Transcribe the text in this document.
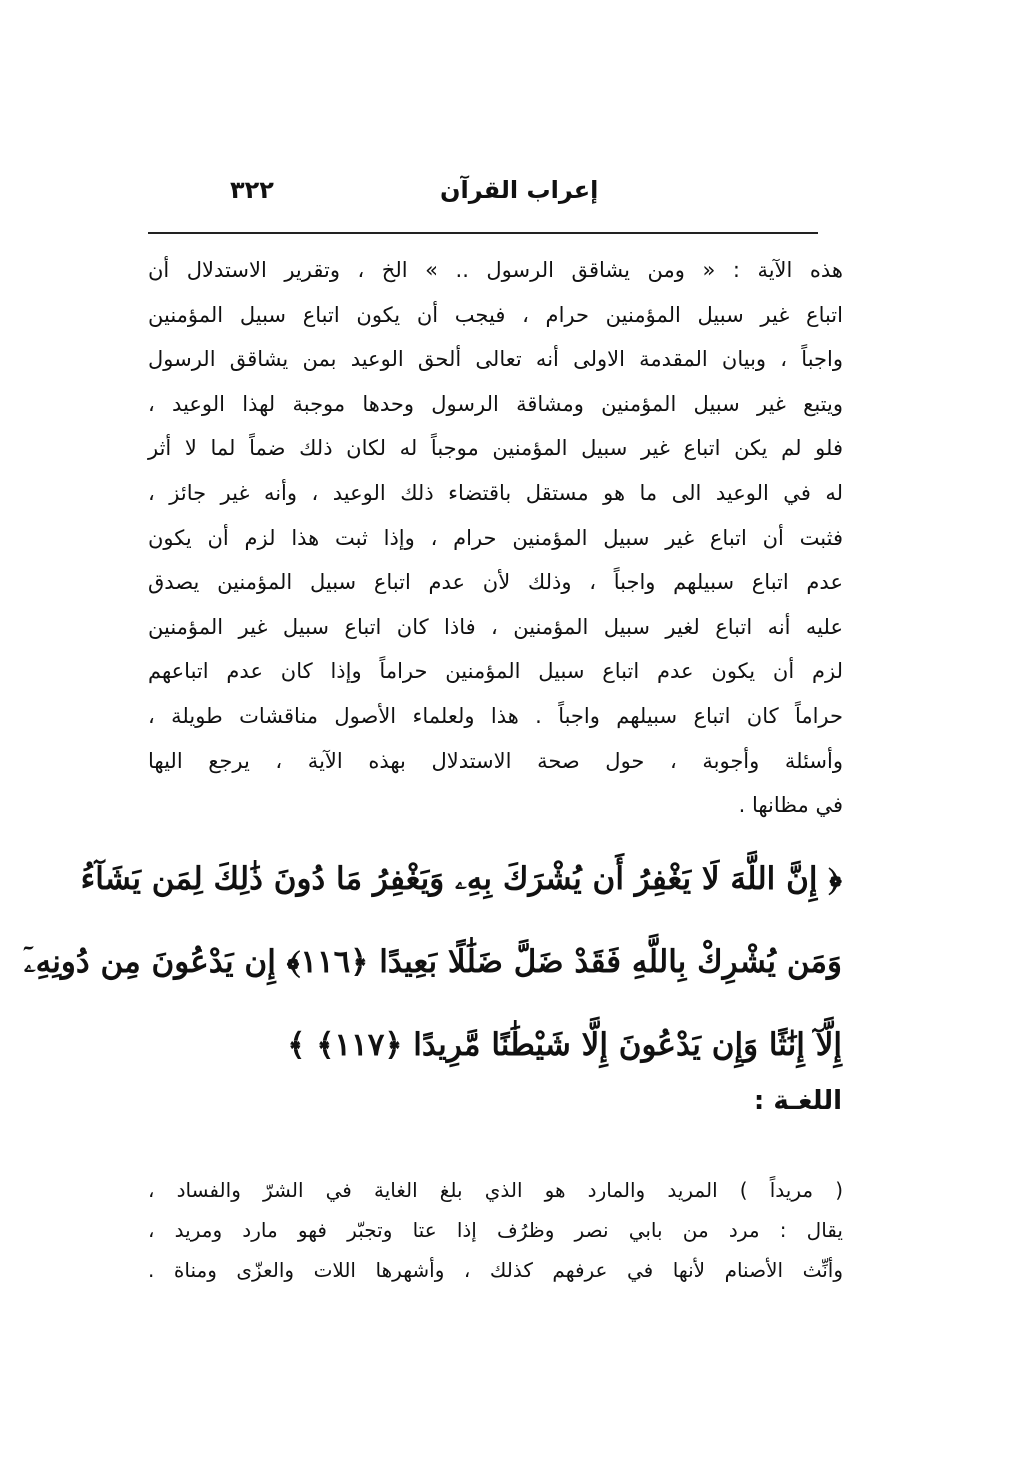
٣٢٢	إعراب القرآن
هذه الآية : « ومن يشاقق الرسول .. » الخ ، وتقرير الاستدلال أن
اتباع غير سبيل المؤمنين حرام ، فيجب أن يكون اتباع سبيل المؤمنين
واجباً ، وبيان المقدمة الاولى أنه تعالى ألحق الوعيد بمن يشاقق الرسول
ويتبع غير سبيل المؤمنين ومشاقة الرسول وحدها موجبة لهذا الوعيد ،
فلو لم يكن اتباع غير سبيل المؤمنين موجباً له لكان ذلك ضماً لما لا أثر
له في الوعيد الى ما هو مستقل باقتضاء ذلك الوعيد ، وأنه غير جائز ،
فثبت أن اتباع غير سبيل المؤمنين حرام ، وإذا ثبت هذا لزم أن يكون
عدم اتباع سبيلهم واجباً ، وذلك لأن عدم اتباع سبيل المؤمنين يصدق
عليه أنه اتباع لغير سبيل المؤمنين ، فاذا كان اتباع سبيل غير المؤمنين
لزم أن يكون عدم اتباع سبيل المؤمنين حراماً وإذا كان عدم اتباعهم
حراماً كان اتباع سبيلهم واجباً . هذا ولعلماء الأصول مناقشات طويلة ،
وأسئلة وأجوبة ، حول صحة الاستدلال بهذه الآية ، يرجع اليها
في مظانها .
﴿ إِنَّ اللَّهَ لَا يَغْفِرُ أَن يُشْرَكَ بِهِۦ وَيَغْفِرُ مَا دُونَ ذَٰلِكَ لِمَن يَشَآءُ
وَمَن يُشْرِكْ بِاللَّهِ فَقَدْ ضَلَّ ضَلَٰلًا بَعِيدًا ﴿١١٦﴾ إِن يَدْعُونَ مِن دُونِهِۦٓ
إِلَّآ إِنَٰثًا وَإِن يَدْعُونَ إِلَّا شَيْطَٰنًا مَّرِيدًا ﴿١١٧﴾ ﴾
اللغـة :
( مريداً ) المريد والمارد هو الذي بلغ الغاية في الشرّ والفساد ،
يقال : مرد من بابي نصر وظرُف إذا عتا وتجبّر فهو مارد ومريد ،
وأنِّث الأصنام لأنها في عرفهم كذلك ، وأشهرها اللات والعزّى ومناة .
